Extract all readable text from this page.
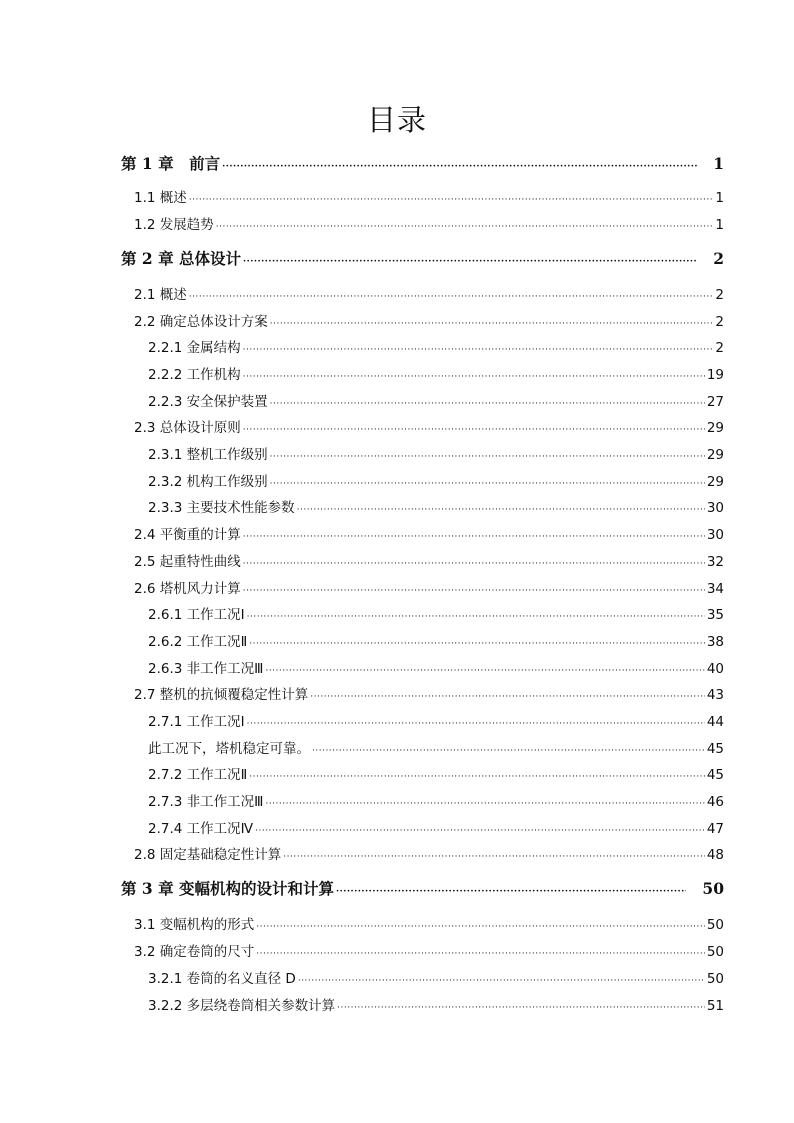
目录
第 1 章　前言 ·····	1
1.1 概述 ·····	1
1.2 发展趋势 ·····	1
第 2 章 总体设计 ·····	2
2.1 概述 ·····	2
2.2 确定总体设计方案 ·····	2
2.2.1 金属结构 ·····	2
2.2.2 工作机构 ·····	19
2.2.3 安全保护装置 ·····	27
2.3 总体设计原则 ·····	29
2.3.1 整机工作级别 ·····	29
2.3.2 机构工作级别 ·····	29
2.3.3 主要技术性能参数 ·····	30
2.4 平衡重的计算 ·····	30
2.5 起重特性曲线 ·····	32
2.6 塔机风力计算 ·····	34
2.6.1 工作工况Ⅰ ·····	35
2.6.2 工作工况Ⅱ ·····	38
2.6.3 非工作工况Ⅲ ·····	40
2.7 整机的抗倾覆稳定性计算 ·····	43
2.7.1 工作工况Ⅰ ·····	44
此工况下，塔机稳定可靠。 ·····	45
2.7.2 工作工况Ⅱ ·····	45
2.7.3 非工作工况Ⅲ ·····	46
2.7.4 工作工况Ⅳ ·····	47
2.8 固定基础稳定性计算 ·····	48
第 3 章 变幅机构的设计和计算 ·····	50
3.1 变幅机构的形式 ·····	50
3.2 确定卷筒的尺寸 ·····	50
3.2.1 卷筒的名义直径 D ·····	50
3.2.2 多层绕卷筒相关参数计算 ·····	51
